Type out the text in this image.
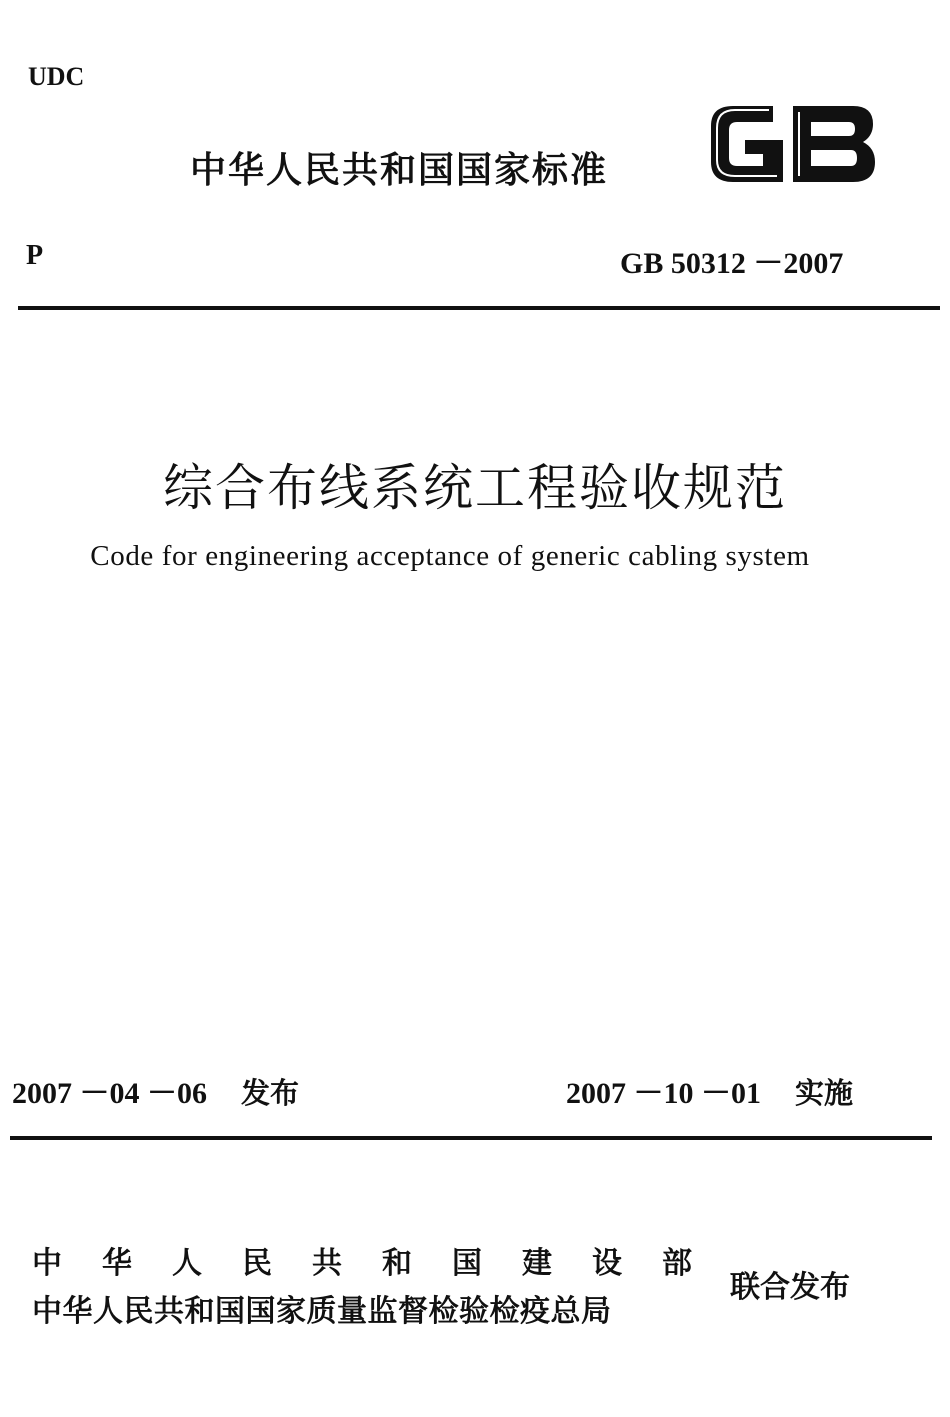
UDC
中华人民共和国国家标准
P	GB 50312 －2007
综合布线系统工程验收规范
Code for engineering acceptance of generic cabling system
2007 －04 －06 发布	2007 －10 －01 实施
中 华 人 民 共 和 国 建 设 部
中华人民共和国国家质量监督检验检疫总局
联合发布
